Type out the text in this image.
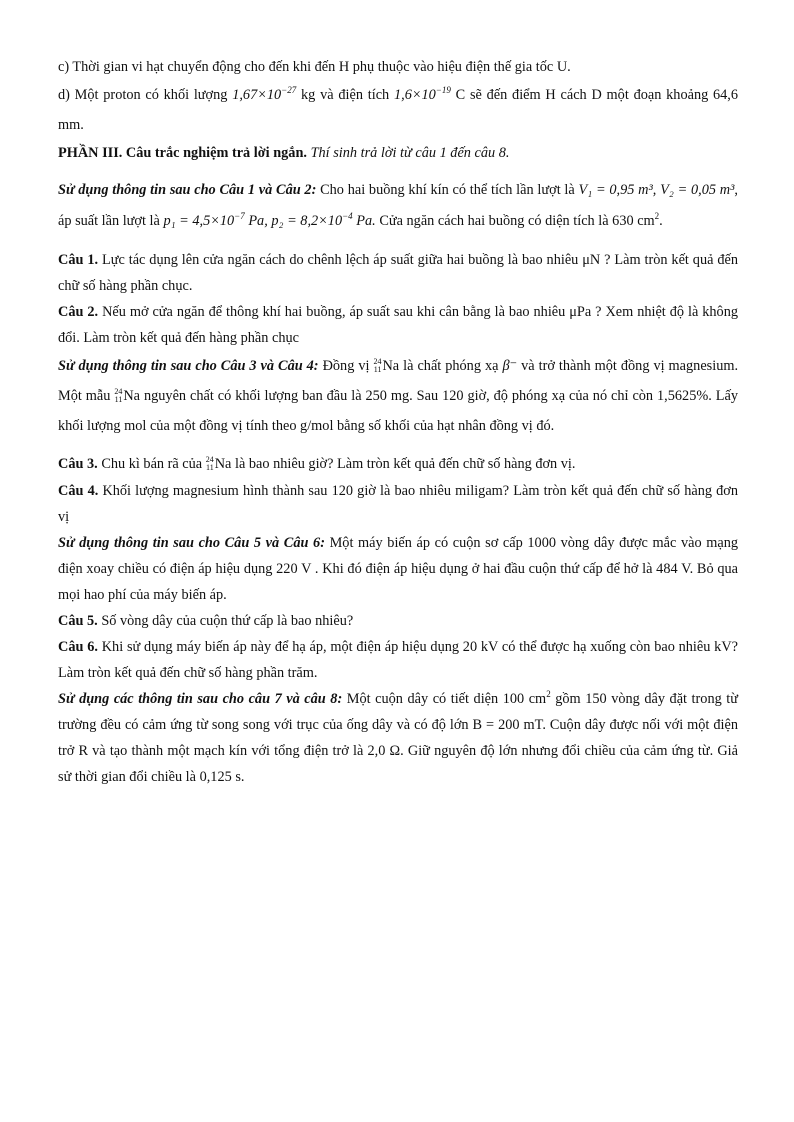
c) Thời gian vi hạt chuyển động cho đến khi đến H phụ thuộc vào hiệu điện thế gia tốc U.

d) Một proton có khối lượng $1,67\times 10^{-27}$ kg và điện tích $1,6\times 10^{-19}$ C sẽ đến điểm H cách D một đoạn khoảng 64,6 mm.

PHẦN III. Câu trắc nghiệm trả lời ngắn. Thí sinh trả lời từ câu 1 đến câu 8.

Sử dụng thông tin sau cho Câu 1 và Câu 2: Cho hai buồng khí kín có thể tích lần lượt là V₁ = 0,95 m³, V₂ = 0,05 m³, áp suất lần lượt là $p_1 = 4,5\times 10^{-7}$ Pa, $p_2 = 8,2\times 10^{-4}$ Pa. Cửa ngăn cách hai buồng có diện tích là 630 $cm^2$.

Câu 1. Lực tác dụng lên cửa ngăn cách do chênh lệch áp suất giữa hai buồng là bao nhiêu μN ? Làm tròn kết quả đến chữ số hàng phần chục.

Câu 2. Nếu mở cửa ngăn để thông khí hai buồng, áp suất sau khi cân bằng là bao nhiêu μPa ? Xem nhiệt độ là không đổi. Làm tròn kết quả đến hàng phần chục

Sử dụng thông tin sau cho Câu 3 và Câu 4: Đồng vị 24
11 Na là chất phóng xạ β⁻ và trở thành một đồng vị magnesium. Một mẫu 24
11 Na nguyên chất có khối lượng ban đầu là 250 mg. Sau 120 giờ, độ phóng xạ của nó chỉ còn 1,5625%. Lấy khối lượng mol của một đồng vị tính theo g/mol bằng số khối của hạt nhân đồng vị đó.

Câu 3. Chu kì bán rã của 24
11 Na là bao nhiêu giờ? Làm tròn kết quả đến chữ số hàng đơn vị.

Câu 4. Khối lượng magnesium hình thành sau 120 giờ là bao nhiêu miligam? Làm tròn kết quả đến chữ số hàng đơn vị

Sử dụng thông tin sau cho Câu 5 và Câu 6: Một máy biến áp có cuộn sơ cấp 1000 vòng dây được mắc vào mạng điện xoay chiều có điện áp hiệu dụng 220 V . Khi đó điện áp hiệu dụng ở hai đầu cuộn thứ cấp để hở là 484 V. Bỏ qua mọi hao phí của máy biến áp.

Câu 5. Số vòng dây của cuộn thứ cấp là bao nhiêu?

Câu 6. Khi sử dụng máy biến áp này để hạ áp, một điện áp hiệu dụng 20 kV có thể được hạ xuống còn bao nhiêu kV? Làm tròn kết quả đến chữ số hàng phần trăm.

Sử dụng các thông tin sau cho câu 7 và câu 8: Một cuộn dây có tiết diện 100 $cm^2$ gồm 150 vòng dây đặt trong từ trường đều có cảm ứng từ song song với trục của ống dây và có độ lớn B = 200 mT. Cuộn dây được nối với một điện trở R và tạo thành một mạch kín với tổng điện trở là 2,0 Ω. Giữ nguyên độ lớn nhưng đổi chiều của cảm ứng từ. Giả sử thời gian đổi chiều là 0,125 s.
